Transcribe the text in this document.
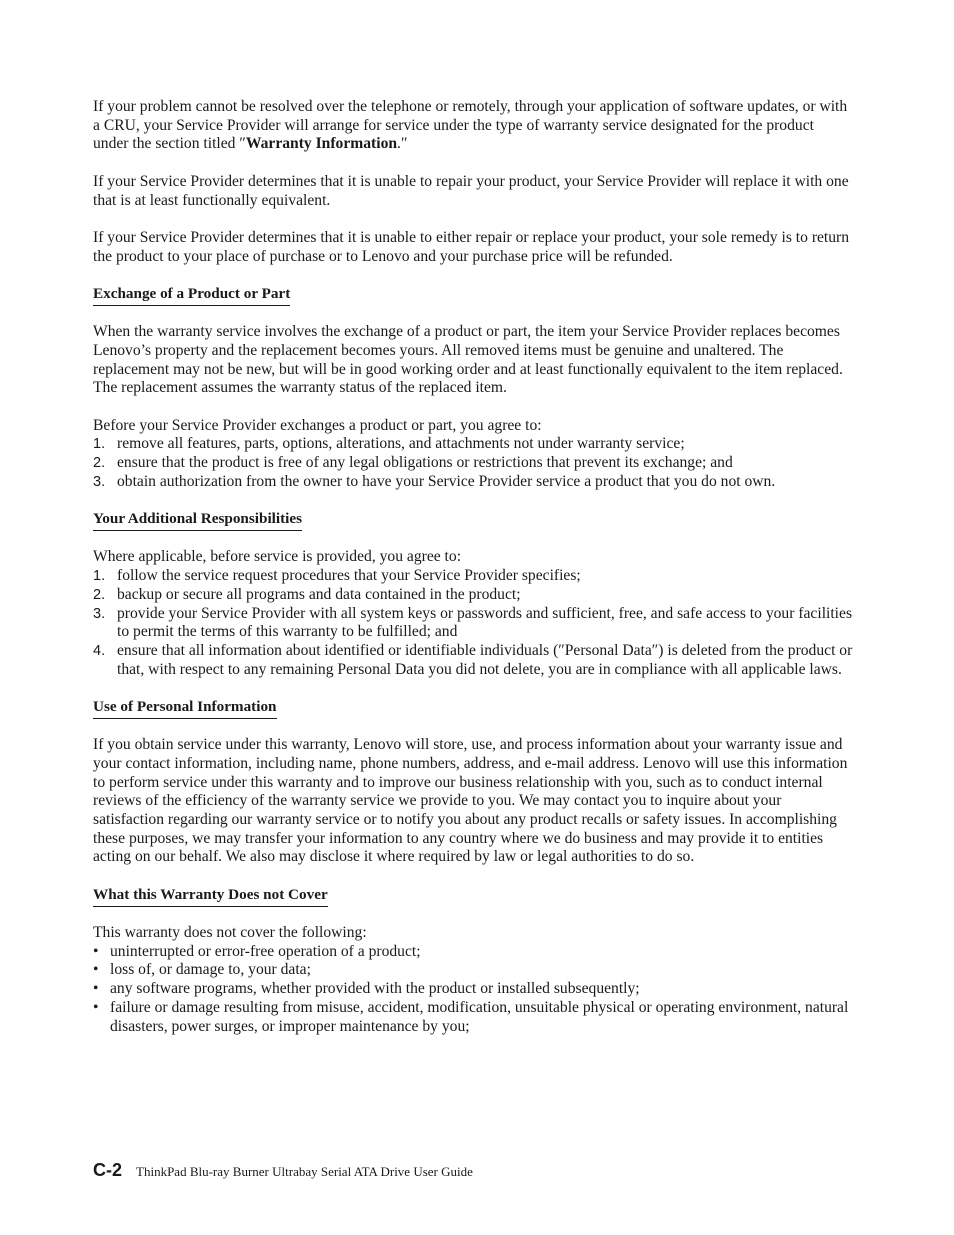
If your problem cannot be resolved over the telephone or remotely, through your application of software updates, or with a CRU, your Service Provider will arrange for service under the type of warranty service designated for the product under the section titled ″Warranty Information.″

If your Service Provider determines that it is unable to repair your product, your Service Provider will replace it with one that is at least functionally equivalent.

If your Service Provider determines that it is unable to either repair or replace your product, your sole remedy is to return the product to your place of purchase or to Lenovo and your purchase price will be refunded.

Exchange of a Product or Part

When the warranty service involves the exchange of a product or part, the item your Service Provider replaces becomes Lenovo’s property and the replacement becomes yours. All removed items must be genuine and unaltered. The replacement may not be new, but will be in good working order and at least functionally equivalent to the item replaced. The replacement assumes the warranty status of the replaced item.

Before your Service Provider exchanges a product or part, you agree to:

1. remove all features, parts, options, alterations, and attachments not under warranty service;
2. ensure that the product is free of any legal obligations or restrictions that prevent its exchange; and
3. obtain authorization from the owner to have your Service Provider service a product that you do not own.
Your Additional Responsibilities

Where applicable, before service is provided, you agree to:

1. follow the service request procedures that your Service Provider specifies;
2. backup or secure all programs and data contained in the product;
3. provide your Service Provider with all system keys or passwords and sufficient, free, and safe access to your facilities to permit the terms of this warranty to be fulfilled; and
4. ensure that all information about identified or identifiable individuals (″Personal Data″) is deleted from the product or that, with respect to any remaining Personal Data you did not delete, you are in compliance with all applicable laws.
Use of Personal Information

If you obtain service under this warranty, Lenovo will store, use, and process information about your warranty issue and your contact information, including name, phone numbers, address, and e-mail address. Lenovo will use this information to perform service under this warranty and to improve our business relationship with you, such as to conduct internal reviews of the efficiency of the warranty service we provide to you. We may contact you to inquire about your satisfaction regarding our warranty service or to notify you about any product recalls or safety issues. In accomplishing these purposes, we may transfer your information to any country where we do business and may provide it to entities acting on our behalf. We also may disclose it where required by law or legal authorities to do so.

What this Warranty Does not Cover

This warranty does not cover the following:

• uninterrupted or error-free operation of a product;
• loss of, or damage to, your data;
• any software programs, whether provided with the product or installed subsequently;
• failure or damage resulting from misuse, accident, modification, unsuitable physical or operating environment, natural disasters, power surges, or improper maintenance by you;
C-2 ThinkPad Blu-ray Burner Ultrabay Serial ATA Drive User Guide
